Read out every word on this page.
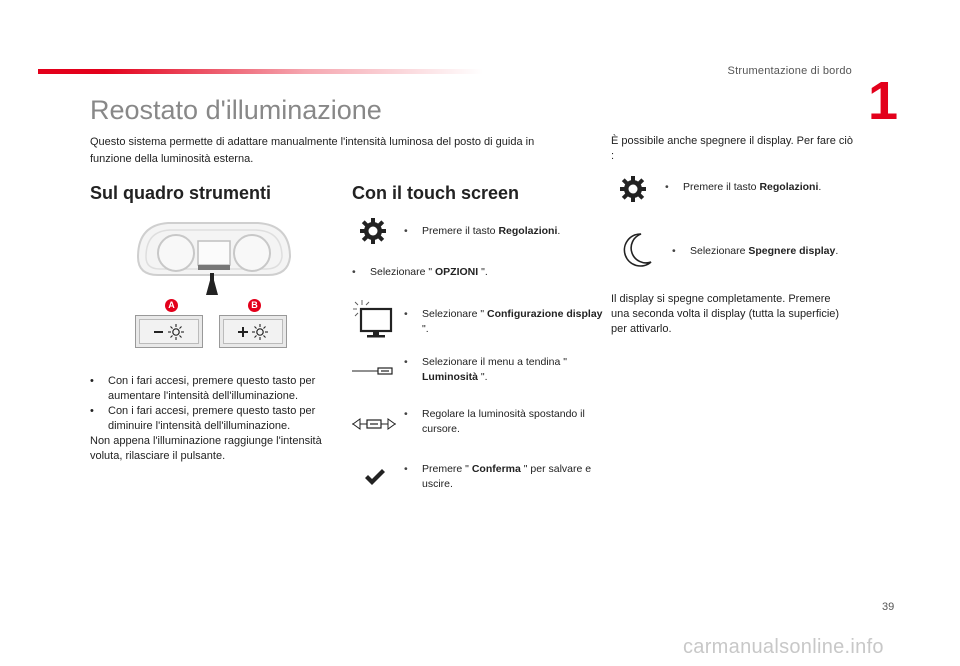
Strumentazione di bordo 1
Reostato d'illuminazione
Questo sistema permette di adattare manualmente l'intensità luminosa del posto di guida in funzione della luminosità esterna.
Sul quadro strumenti
A	B
• Con i fari accesi, premere questo tasto per aumentare l'intensità dell'illuminazione.
• Con i fari accesi, premere questo tasto per diminuire l'intensità dell'illuminazione.
Non appena l'illuminazione raggiunge l'intensità voluta, rilasciare il pulsante.
Con il touch screen
• Premere il tasto Regolazioni.
• Selezionare " OPZIONI ".
• Selezionare " Configurazione display ".
• Selezionare il menu a tendina " Luminosità ".
• Regolare la luminosità spostando il cursore.
• Premere " Conferma " per salvare e uscire.
È possibile anche spegnere il display. Per fare ciò :
• Premere il tasto Regolazioni.
• Selezionare Spegnere display.
Il display si spegne completamente. Premere una seconda volta il display (tutta la superficie) per attivarlo.
39
carmanualsonline.info
